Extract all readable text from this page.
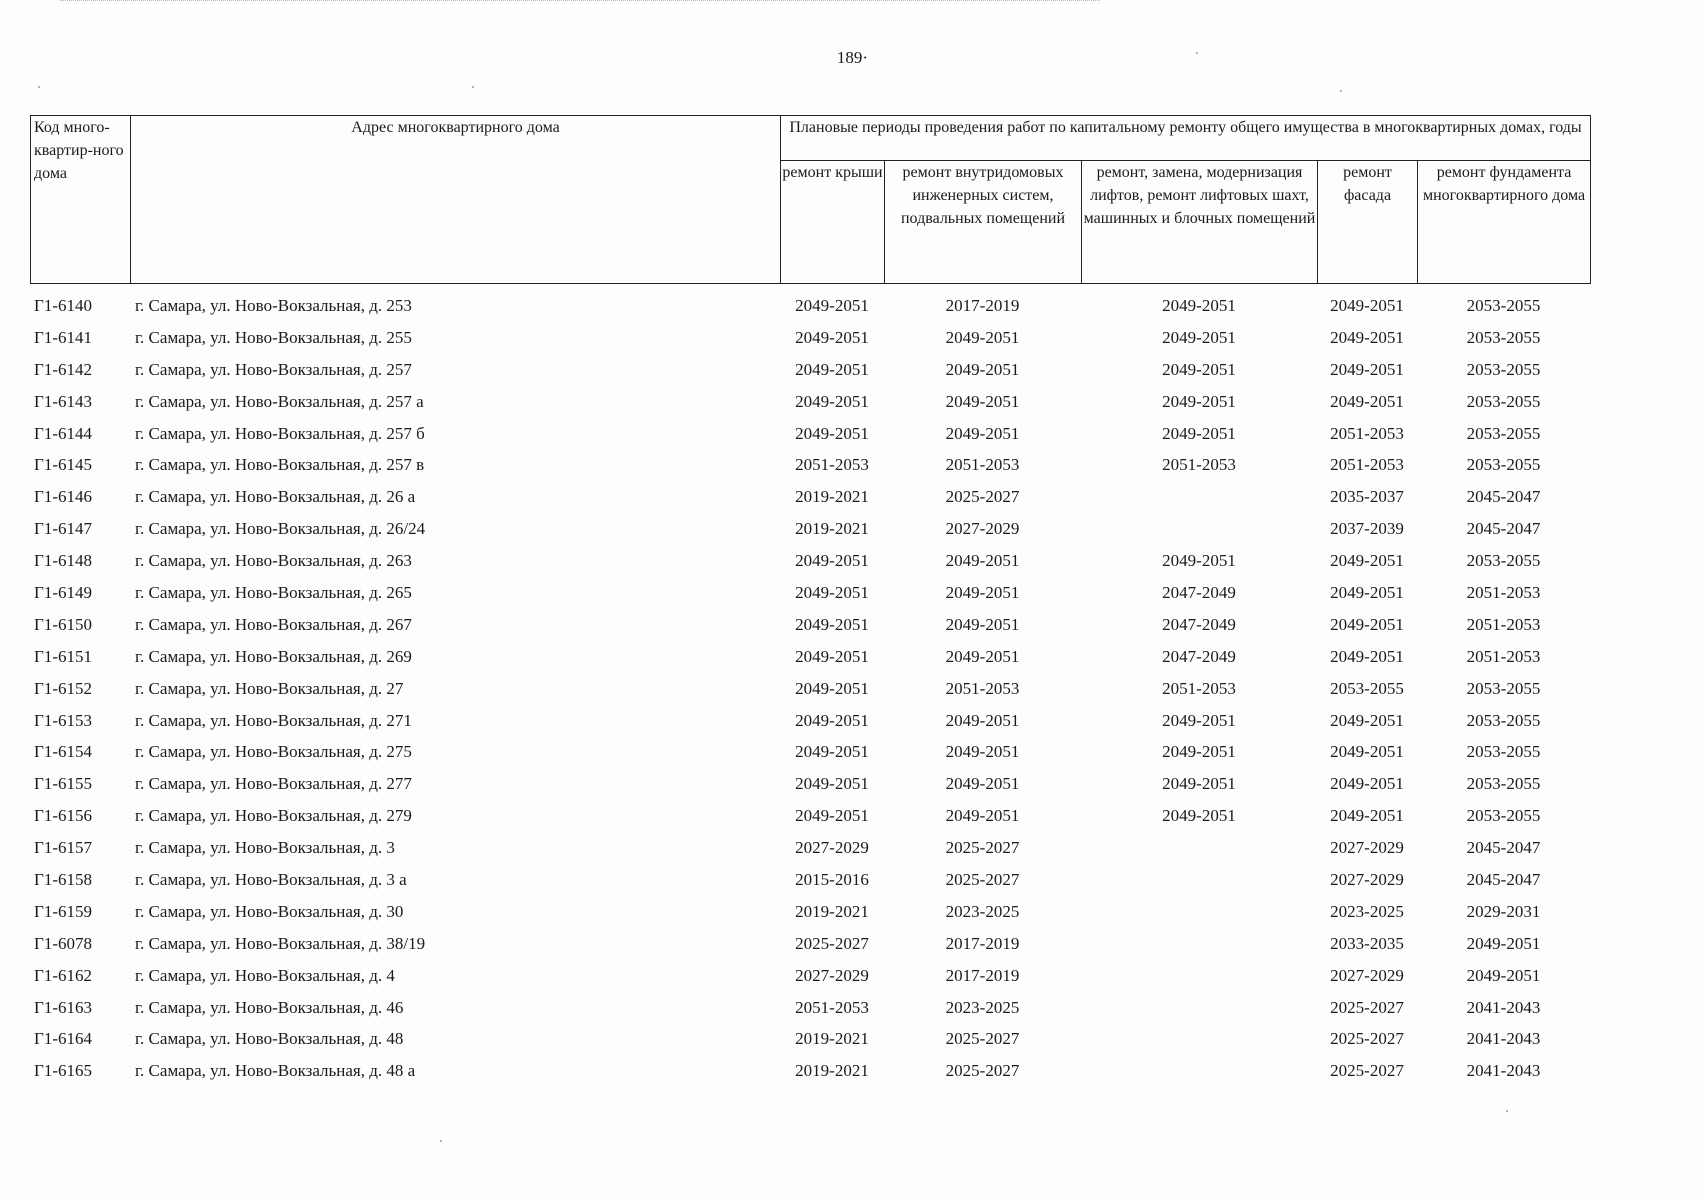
189·
Код много-квартир-ного дома	Адрес многоквартирного дома	Плановые периоды проведения работ по капитальному ремонту общего имущества в многоквартирных домах, годы				
		ремонт крыши	ремонт внутридомовых инженерных систем, подвальных помещений	ремонт, замена, модернизация лифтов, ремонт лифтовых шахт, машинных и блочных помещений	ремонт фасада	ремонт фундамента многоквартирного дома
Г1-6140	г. Самара, ул. Ново-Вокзальная, д. 253	2049-2051	2017-2019	2049-2051	2049-2051	2053-2055
Г1-6141	г. Самара, ул. Ново-Вокзальная, д. 255	2049-2051	2049-2051	2049-2051	2049-2051	2053-2055
Г1-6142	г. Самара, ул. Ново-Вокзальная, д. 257	2049-2051	2049-2051	2049-2051	2049-2051	2053-2055
Г1-6143	г. Самара, ул. Ново-Вокзальная, д. 257 а	2049-2051	2049-2051	2049-2051	2049-2051	2053-2055
Г1-6144	г. Самара, ул. Ново-Вокзальная, д. 257 б	2049-2051	2049-2051	2049-2051	2051-2053	2053-2055
Г1-6145	г. Самара, ул. Ново-Вокзальная, д. 257 в	2051-2053	2051-2053	2051-2053	2051-2053	2053-2055
Г1-6146	г. Самара, ул. Ново-Вокзальная, д. 26 а	2019-2021	2025-2027		2035-2037	2045-2047
Г1-6147	г. Самара, ул. Ново-Вокзальная, д. 26/24	2019-2021	2027-2029		2037-2039	2045-2047
Г1-6148	г. Самара, ул. Ново-Вокзальная, д. 263	2049-2051	2049-2051	2049-2051	2049-2051	2053-2055
Г1-6149	г. Самара, ул. Ново-Вокзальная, д. 265	2049-2051	2049-2051	2047-2049	2049-2051	2051-2053
Г1-6150	г. Самара, ул. Ново-Вокзальная, д. 267	2049-2051	2049-2051	2047-2049	2049-2051	2051-2053
Г1-6151	г. Самара, ул. Ново-Вокзальная, д. 269	2049-2051	2049-2051	2047-2049	2049-2051	2051-2053
Г1-6152	г. Самара, ул. Ново-Вокзальная, д. 27	2049-2051	2051-2053	2051-2053	2053-2055	2053-2055
Г1-6153	г. Самара, ул. Ново-Вокзальная, д. 271	2049-2051	2049-2051	2049-2051	2049-2051	2053-2055
Г1-6154	г. Самара, ул. Ново-Вокзальная, д. 275	2049-2051	2049-2051	2049-2051	2049-2051	2053-2055
Г1-6155	г. Самара, ул. Ново-Вокзальная, д. 277	2049-2051	2049-2051	2049-2051	2049-2051	2053-2055
Г1-6156	г. Самара, ул. Ново-Вокзальная, д. 279	2049-2051	2049-2051	2049-2051	2049-2051	2053-2055
Г1-6157	г. Самара, ул. Ново-Вокзальная, д. 3	2027-2029	2025-2027		2027-2029	2045-2047
Г1-6158	г. Самара, ул. Ново-Вокзальная, д. 3 а	2015-2016	2025-2027		2027-2029	2045-2047
Г1-6159	г. Самара, ул. Ново-Вокзальная, д. 30	2019-2021	2023-2025		2023-2025	2029-2031
Г1-6078	г. Самара, ул. Ново-Вокзальная, д. 38/19	2025-2027	2017-2019		2033-2035	2049-2051
Г1-6162	г. Самара, ул. Ново-Вокзальная, д. 4	2027-2029	2017-2019		2027-2029	2049-2051
Г1-6163	г. Самара, ул. Ново-Вокзальная, д. 46	2051-2053	2023-2025		2025-2027	2041-2043
Г1-6164	г. Самара, ул. Ново-Вокзальная, д. 48	2019-2021	2025-2027		2025-2027	2041-2043
Г1-6165	г. Самара, ул. Ново-Вокзальная, д. 48 а	2019-2021	2025-2027		2025-2027	2041-2043
